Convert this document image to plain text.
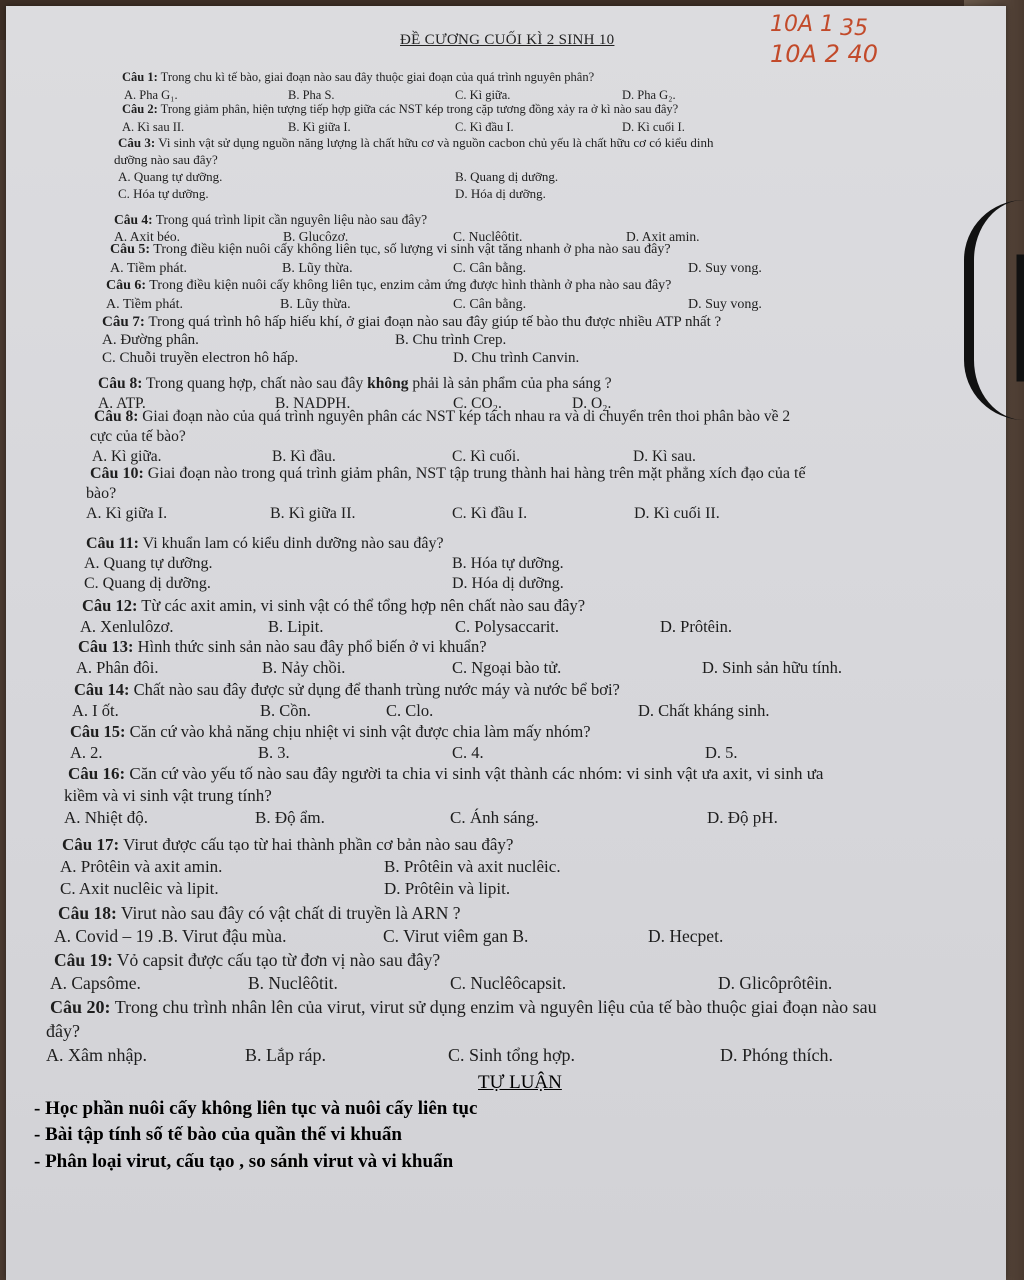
10A 1 35
10A 2 40
ĐỀ CƯƠNG CUỐI KÌ 2 SINH 10
Câu 1: Trong chu kì tế bào, giai đoạn nào sau đây thuộc giai đoạn của quá trình nguyên phân?
A. Pha G₁.	B. Pha S.	C. Kì giữa.	D. Pha G₂.
Câu 2: Trong giảm phân, hiện tượng tiếp hợp giữa các NST kép trong cặp tương đồng xảy ra ở kì nào sau đây?
A. Kì sau II.	B. Kì giữa I.	C. Kì đầu I.	D. Kì cuối I.
Câu 3: Vi sinh vật sử dụng nguồn năng lượng là chất hữu cơ và nguồn cacbon chủ yếu là chất hữu cơ có kiểu dinh
dưỡng nào sau đây?
A. Quang tự dưỡng.	B. Quang dị dưỡng.
C. Hóa tự dưỡng.	D. Hóa dị dưỡng.
Câu 4: Trong quá trình lipit cần nguyên liệu nào sau đây?
A. Axit béo.	B. Glucôzơ.	C. Nuclêôtit.	D. Axit amin.
Câu 5: Trong điều kiện nuôi cấy không liên tục, số lượng vi sinh vật tăng nhanh ở pha nào sau đây?
A. Tiềm phát.	B. Lũy thừa.	C. Cân bằng.	D. Suy vong.
Câu 6: Trong điều kiện nuôi cấy không liên tục, enzim cảm ứng được hình thành ở pha nào sau đây?
A. Tiềm phát.	B. Lũy thừa.	C. Cân bằng.	D. Suy vong.
Câu 7: Trong quá trình hô hấp hiếu khí, ở giai đoạn nào sau đây giúp tế bào thu được nhiều ATP nhất ?
A. Đường phân.	B. Chu trình Crep.
C. Chuỗi truyền electron hô hấp.	D. Chu trình Canvin.
Câu 8: Trong quang hợp, chất nào sau đây không phải là sản phẩm của pha sáng ?
A. ATP.	B. NADPH.	C. CO₂.	D. O₂.
Câu 8: Giai đoạn nào của quá trình nguyên phân các NST kép tách nhau ra và di chuyển trên thoi phân bào về 2
cực của tế bào?
A. Kì giữa.	B. Kì đầu.	C. Kì cuối.	D. Kì sau.
Câu 10: Giai đoạn nào trong quá trình giảm phân, NST tập trung thành hai hàng trên mặt phẳng xích đạo của tế
bào?
A. Kì giữa I.	B. Kì giữa II.	C. Kì đầu I.	D. Kì cuối II.
Câu 11: Vi khuẩn lam có kiểu dinh dưỡng nào sau đây?
A. Quang tự dưỡng.	B. Hóa tự dưỡng.
C. Quang dị dưỡng.	D. Hóa dị dưỡng.
Câu 12: Từ các axit amin, vi sinh vật có thể tổng hợp nên chất nào sau đây?
A. Xenlulôzơ.	B. Lipit.	C. Polysaccarit.	D. Prôtêin.
Câu 13: Hình thức sinh sản nào sau đây phổ biến ở vi khuẩn?
A. Phân đôi.	B. Nảy chồi.	C. Ngoại bào tử.	D. Sinh sản hữu tính.
Câu 14: Chất nào sau đây được sử dụng để thanh trùng nước máy và nước bể bơi?
A. I ốt.	B. Cồn.	C. Clo.	D. Chất kháng sinh.
Câu 15: Căn cứ vào khả năng chịu nhiệt vi sinh vật được chia làm mấy nhóm?
A. 2.	B. 3.	C. 4.	D. 5.
Câu 16: Căn cứ vào yếu tố nào sau đây người ta chia vi sinh vật thành các nhóm: vi sinh vật ưa axit, vi sinh ưa
kiềm và vi sinh vật trung tính?
A. Nhiệt độ.	B. Độ ẩm.	C. Ánh sáng.	D. Độ pH.
Câu 17: Virut được cấu tạo từ hai thành phần cơ bản nào sau đây?
A. Prôtêin và axit amin.	B. Prôtêin và axit nuclêic.
C. Axit nuclêic và lipit.	D. Prôtêin và lipit.
Câu 18: Virut nào sau đây có vật chất di truyền là ARN ?
A. Covid – 19 .B. Virut đậu mùa.	C. Virut viêm gan B.	D. Hecpet.
Câu 19: Vỏ capsit được cấu tạo từ đơn vị nào sau đây?
A. Capsôme.	B. Nuclêôtit.	C. Nuclêôcapsit.	D. Glicôprôtêin.
Câu 20: Trong chu trình nhân lên của virut, virut sử dụng enzim và nguyên liệu của tế bào thuộc giai đoạn nào sau
đây?
A. Xâm nhập.	B. Lắp ráp.	C. Sinh tổng hợp.	D. Phóng thích.
TỰ LUẬN
- Học phần nuôi cấy không liên tục và nuôi cấy liên tục
- Bài tập tính số tế bào của quần thể vi khuẩn
- Phân loại virut, cấu tạo , so sánh virut và vi khuẩn
